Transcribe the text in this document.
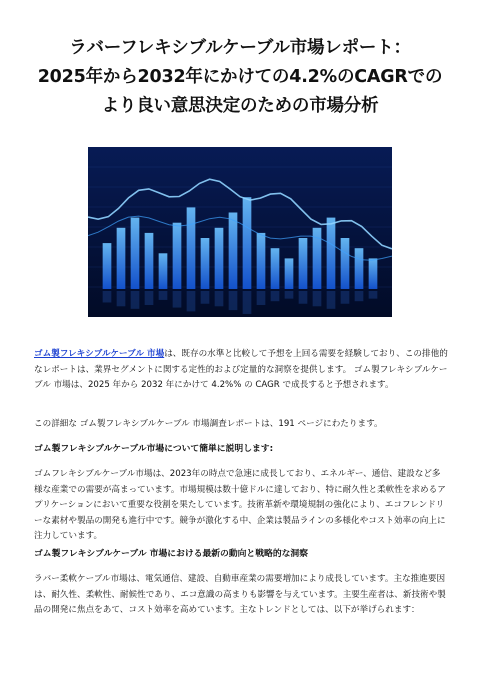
ラバーフレキシブルケーブル市場レポート：
2025年から2032年にかけての4.2%のCAGRでの
より良い意思決定のための市場分析

ゴム製フレキシブルケーブル 市場は、既存の水準と比較して予想を上回る需要を経験しており、この排他的なレポートは、業界セグメントに関する定性的および定量的な洞察を提供します。 ゴム製フレキシブルケーブル 市場は、2025 年から 2032 年にかけて 4.2%% の CAGR で成長すると予想されます。

この詳細な ゴム製フレキシブルケーブル 市場調査レポートは、191 ページにわたります。

ゴム製フレキシブルケーブル市場について簡単に説明します:

ゴムフレキシブルケーブル市場は、2023年の時点で急速に成長しており、エネルギー、通信、建設など多様な産業での需要が高まっています。市場規模は数十億ドルに達しており、特に耐久性と柔軟性を求めるアプリケーションにおいて重要な役割を果たしています。技術革新や環境規制の強化により、エコフレンドリーな素材や製品の開発も進行中です。競争が激化する中、企業は製品ラインの多様化やコスト効率の向上に注力しています。

ゴム製フレキシブルケーブル 市場における最新の動向と戦略的な洞察

ラバー柔軟ケーブル市場は、電気通信、建設、自動車産業の需要増加により成長しています。主な推進要因は、耐久性、柔軟性、耐候性であり、エコ意識の高まりも影響を与えています。主要生産者は、新技術や製品の開発に焦点をあて、コスト効率を高めています。主なトレンドとしては、以下が挙げられます：
